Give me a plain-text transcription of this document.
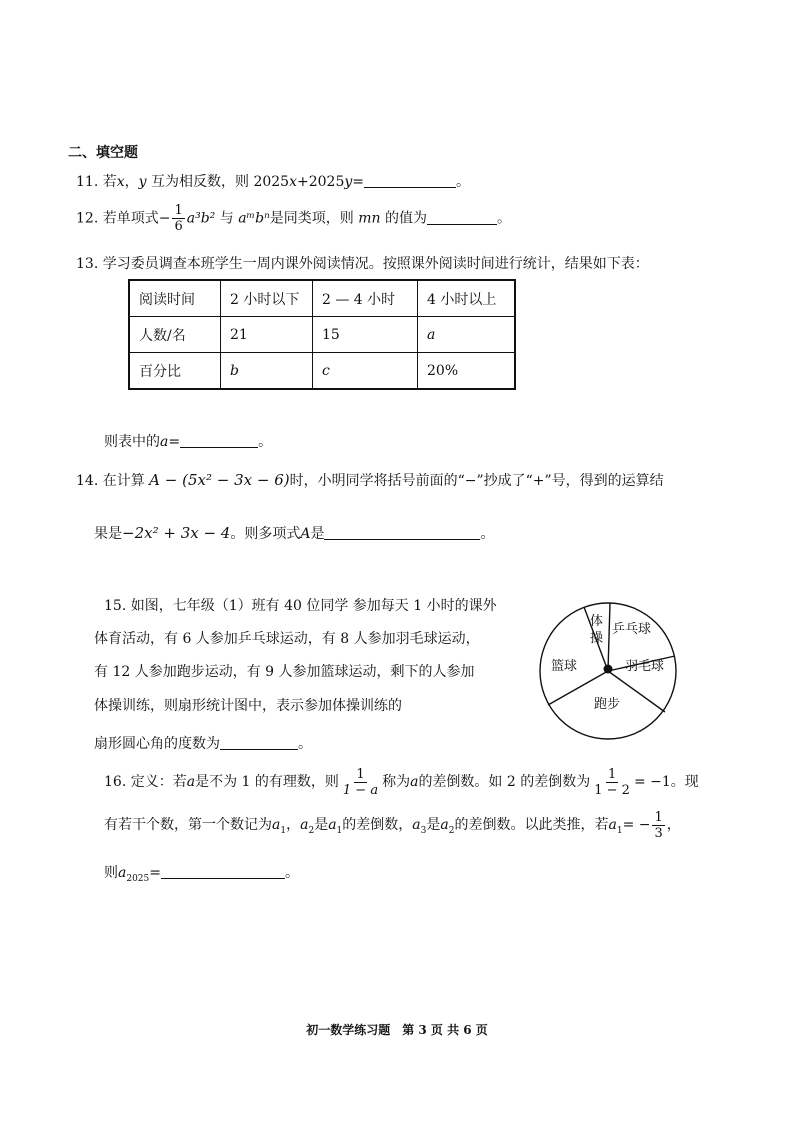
二、填空题
11. 若x，y 互为相反数，则 2025x+2025y=	。
12. 若单项式− $\frac{1}{6} a^3b^2$ 与 aᵐbⁿ是同类项，则 mn 的值为	。
13. 学习委员调查本班学生一周内课外阅读情况。按照课外阅读时间进行统计，结果如下表：
阅读时间	2 小时以下	2 — 4 小时	4 小时以上
人数/名	21	15	a
百分比	b	c	20%
则表中的a=	。
14. 在计算 A − (5x² − 3x − 6)时，小明同学将括号前面的“−”抄成了“+”号，得到的运算结
果是−2x² + 3x − 4。则多项式A是	。
15. 如图，七年级（1）班有 40 位同学 参加每天 1 小时的课外
体育活动，有 6 人参加乒乓球运动，有 8 人参加羽毛球运动，
有 12 人参加跑步运动，有 9 人参加篮球运动，剩下的人参加
体操训练，则扇形统计图中，表示参加体操训练的
扇形圆心角的度数为	。
体
操
乒乓球
羽毛球
跑步
篮球
16. 定义：若a是不为 1 的有理数，则 $\frac{1}{1 - a}$ 称为a的差倒数。如 2 的差倒数为 $\frac{1}{1 - 2} = -1$。现
有若干个数，第一个数记为$a_1$，$a_2$是$a_1$的差倒数，$a_3$是$a_2$的差倒数。以此类推，若$a_1= - \frac{1}{3}$ ，
则$a_{2025}=$	。
初一数学练习题　第 3 页 共 6 页
